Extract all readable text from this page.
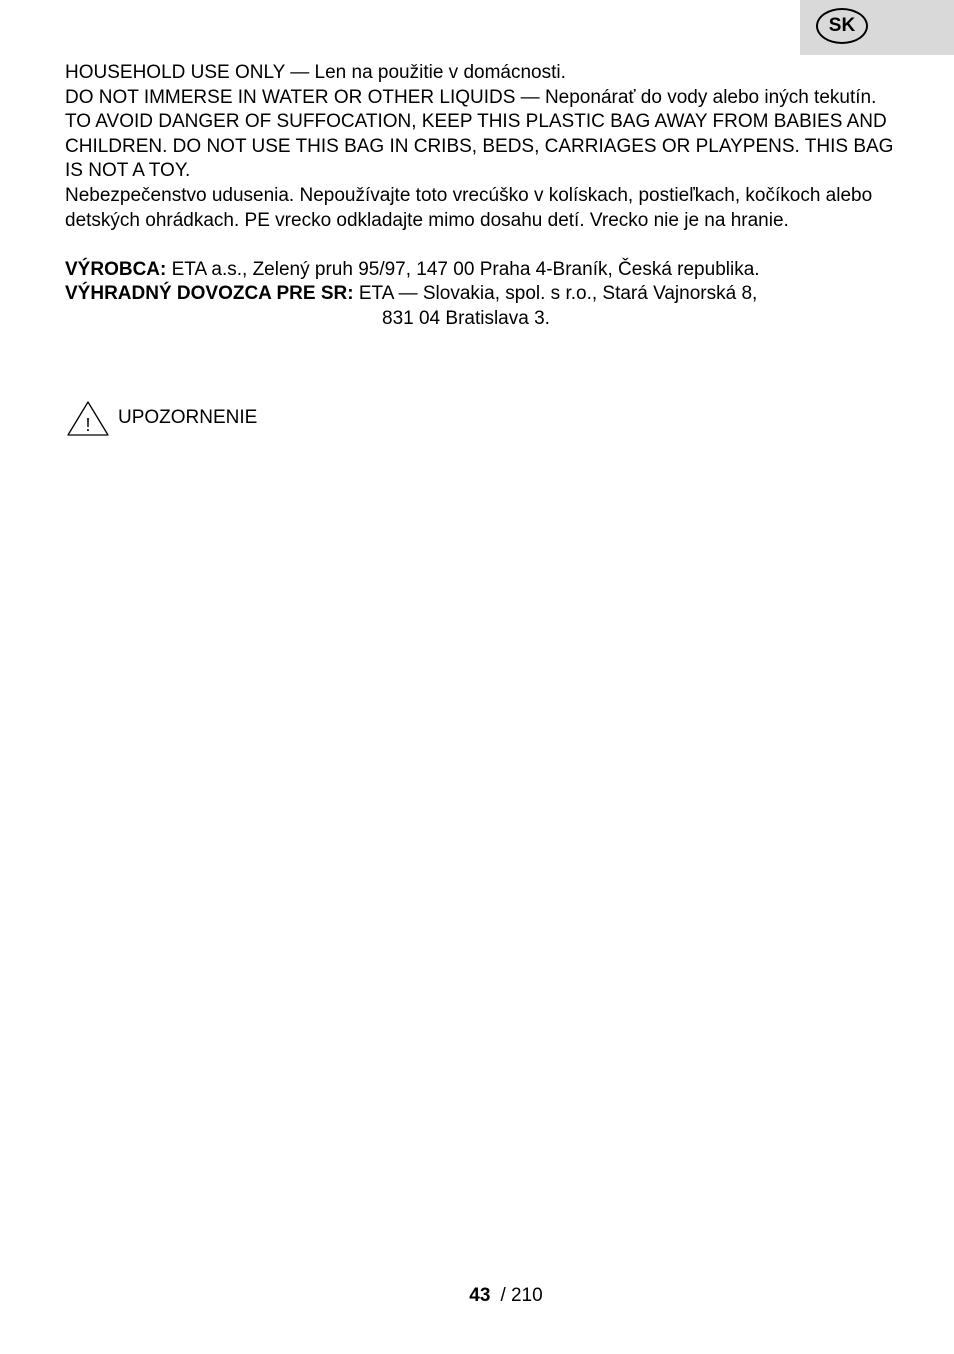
SK

HOUSEHOLD USE ONLY — Len na použitie v domácnosti.

DO NOT IMMERSE IN WATER OR OTHER LIQUIDS — Neponárať do vody alebo iných tekutín.

TO AVOID DANGER OF SUFFOCATION, KEEP THIS PLASTIC BAG AWAY FROM BABIES AND CHILDREN. DO NOT USE THIS BAG IN CRIBS, BEDS, CARRIAGES OR PLAYPENS. THIS BAG IS NOT A TOY.

Nebezpečenstvo udusenia. Nepoužívajte toto vrecúško v kolískach, postieľkach, kočíkoch alebo detských ohrádkach. PE vrecko odkladajte mimo dosahu detí. Vrecko nie je na hranie.

VÝROBCA: ETA a.s., Zelený pruh 95/97, 147 00 Praha 4-Braník, Česká republika.

VÝHRADNÝ DOVOZCA PRE SR: ETA — Slovakia, spol. s r.o., Stará Vajnorská 8,

831 04 Bratislava 3.

! UPOZORNENIE
43 / 210
